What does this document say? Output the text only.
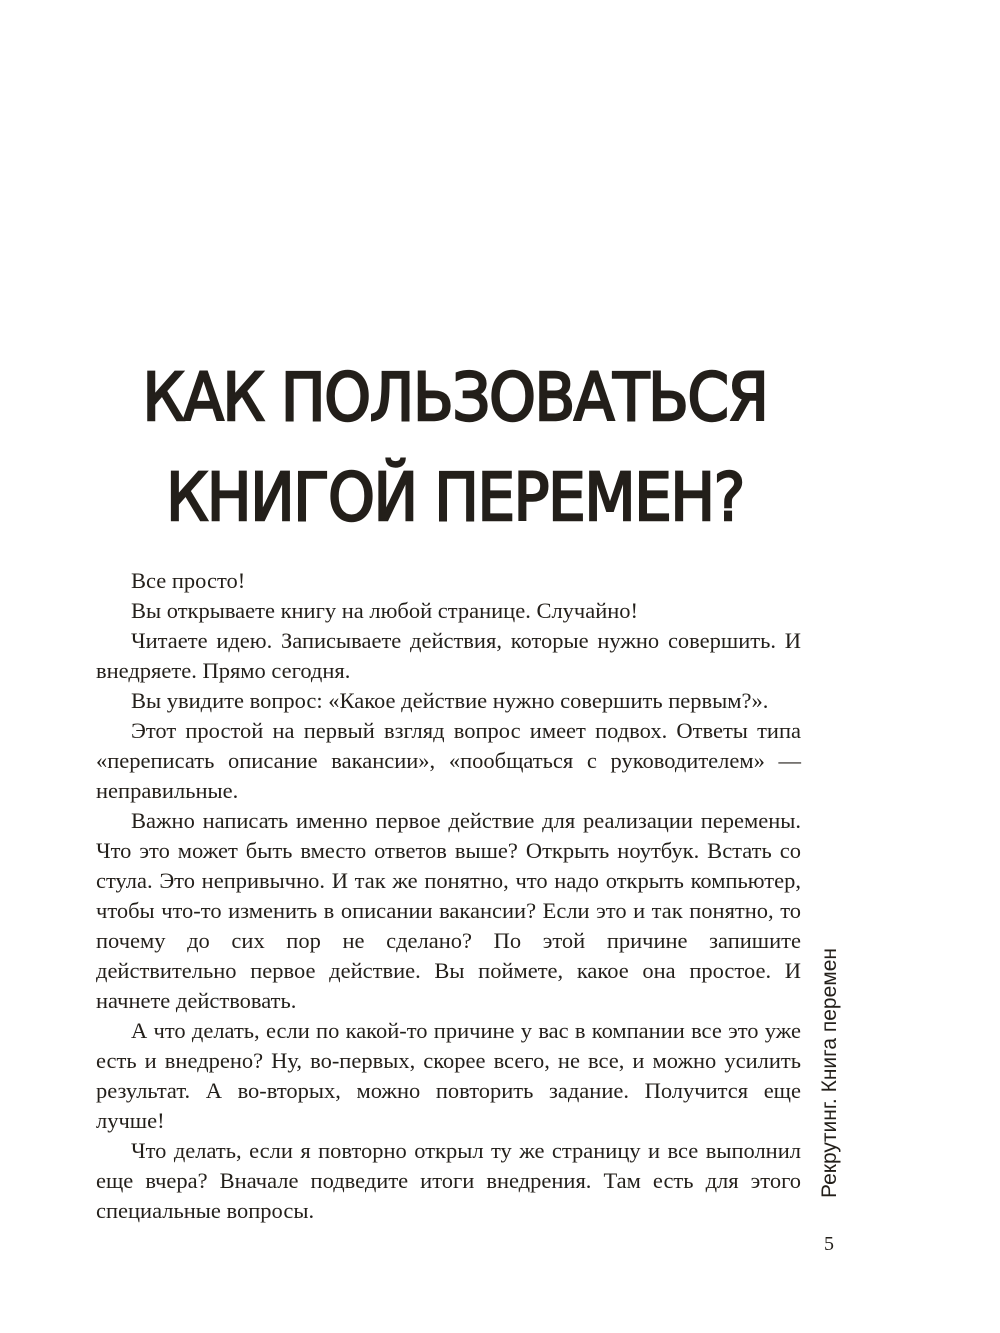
КАК ПОЛЬЗОВАТЬСЯ
КНИГОЙ ПЕРЕМЕН?

Все просто!

Вы открываете книгу на любой странице. Случайно!

Читаете идею. Записываете действия, которые нужно совершить. И внедряете. Прямо сегодня.

Вы увидите вопрос: «Какое действие нужно совершить первым?».

Этот простой на первый взгляд вопрос имеет подвох. Ответы типа «переписать описание вакансии», «пообщаться с руководителем» — неправильные.

Важно написать именно первое действие для реализации перемены. Что это может быть вместо ответов выше? Открыть ноутбук. Встать со стула. Это непривычно. И так же понятно, что надо открыть компьютер, чтобы что-то изменить в описании вакансии? Если это и так понятно, то почему до сих пор не сделано? По этой причине запишите действительно первое действие. Вы поймете, какое она простое. И начнете действовать.

А что делать, если по какой-то причине у вас в компании все это уже есть и внедрено? Ну, во-первых, скорее всего, не все, и можно усилить результат. А во-вторых, можно повторить задание. Получится еще лучше!

Что делать, если я повторно открыл ту же страницу и все выполнил еще вчера? Вначале подведите итоги внедрения. Там есть для этого специальные вопросы.

Рекрутинг. Книга перемен
5
